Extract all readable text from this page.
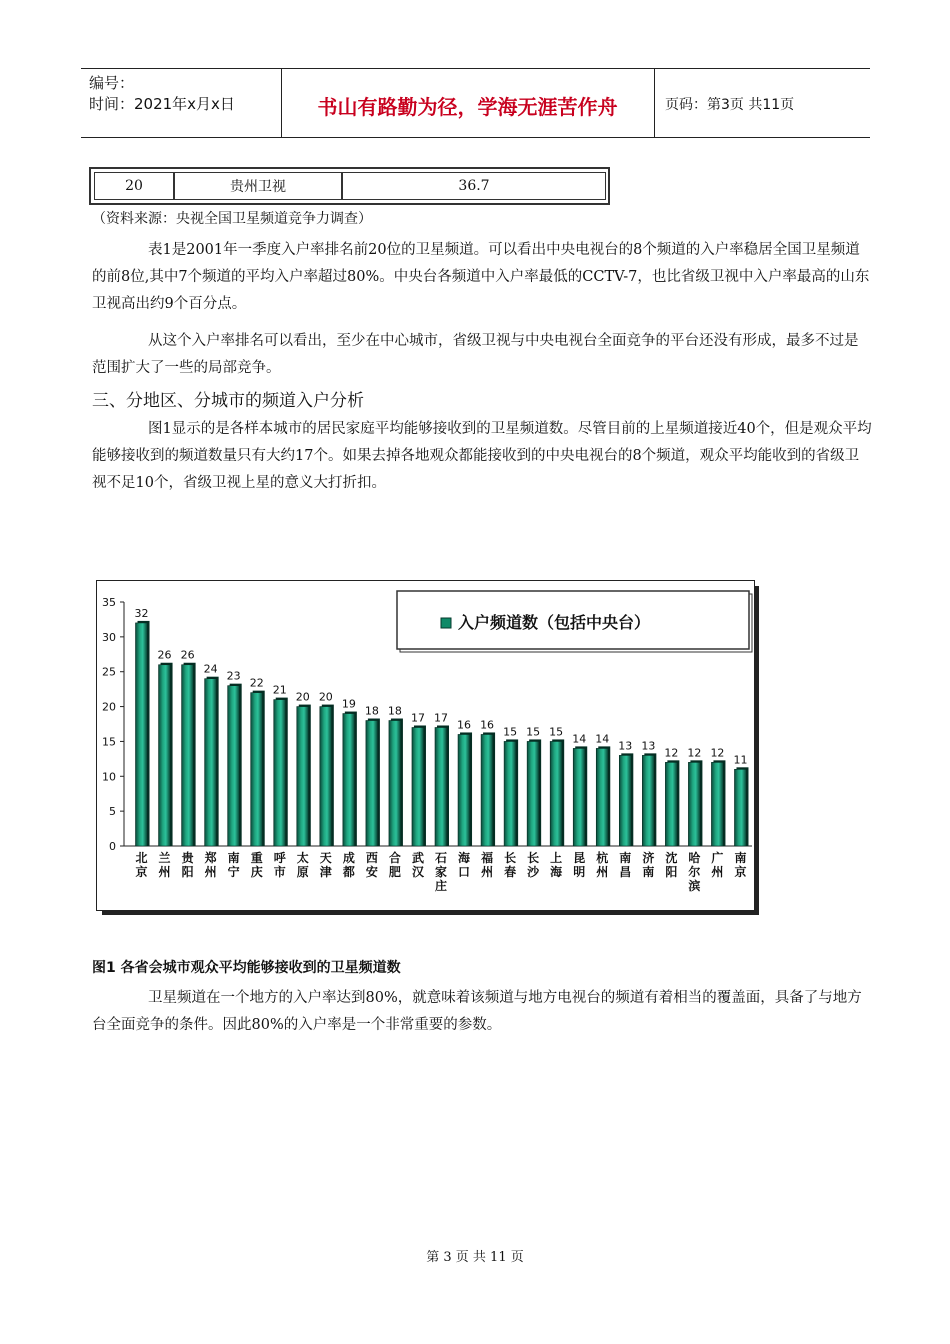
编号：
时间：2021年x月x日	书山有路勤为径，学海无涯苦作舟	页码：第3页 共11页
20	贵州卫视	36.7
（资料来源：央视全国卫星频道竞争力调查）

表1是2001年一季度入户率排名前20位的卫星频道。可以看出中央电视台的8个频道的入户率稳居全国卫星频道的前8位,其中7个频道的平均入户率超过80%。中央台各频道中入户率最低的CCTV-7，也比省级卫视中入户率最高的山东卫视高出约9个百分点。

从这个入户率排名可以看出，至少在中心城市，省级卫视与中央电视台全面竞争的平台还没有形成，最多不过是范围扩大了一些的局部竞争。

三、分地区、分城市的频道入户分析

图1显示的是各样本城市的居民家庭平均能够接收到的卫星频道数。尽管目前的上星频道接近40个，但是观众平均能够接收到的频道数量只有大约17个。如果去掉各地观众都能接收到的中央电视台的8个频道，观众平均能收到的省级卫视不足10个，省级卫视上星的意义大打折扣。

入户频道数（包括中央台）
0
5
10
15
20
25
30
35
北京
兰州
贵阳
郑州
南宁
重庆
呼市
太原
天津
成都
西安
合肥
武汉
石家庄
海口
福州
长春
长沙
上海
昆明
杭州
南昌
济南
沈阳
哈尔滨
广州
南京
32
26 26
24
23
22
21
20 20
19
18 18
17 17
16 16
15 15 15
14 14
13 13
12 12 12
11
图1 各省会城市观众平均能够接收到的卫星频道数

卫星频道在一个地方的入户率达到80%，就意味着该频道与地方电视台的频道有着相当的覆盖面，具备了与地方台全面竞争的条件。因此80%的入户率是一个非常重要的参数。

第 3 页 共 11 页
